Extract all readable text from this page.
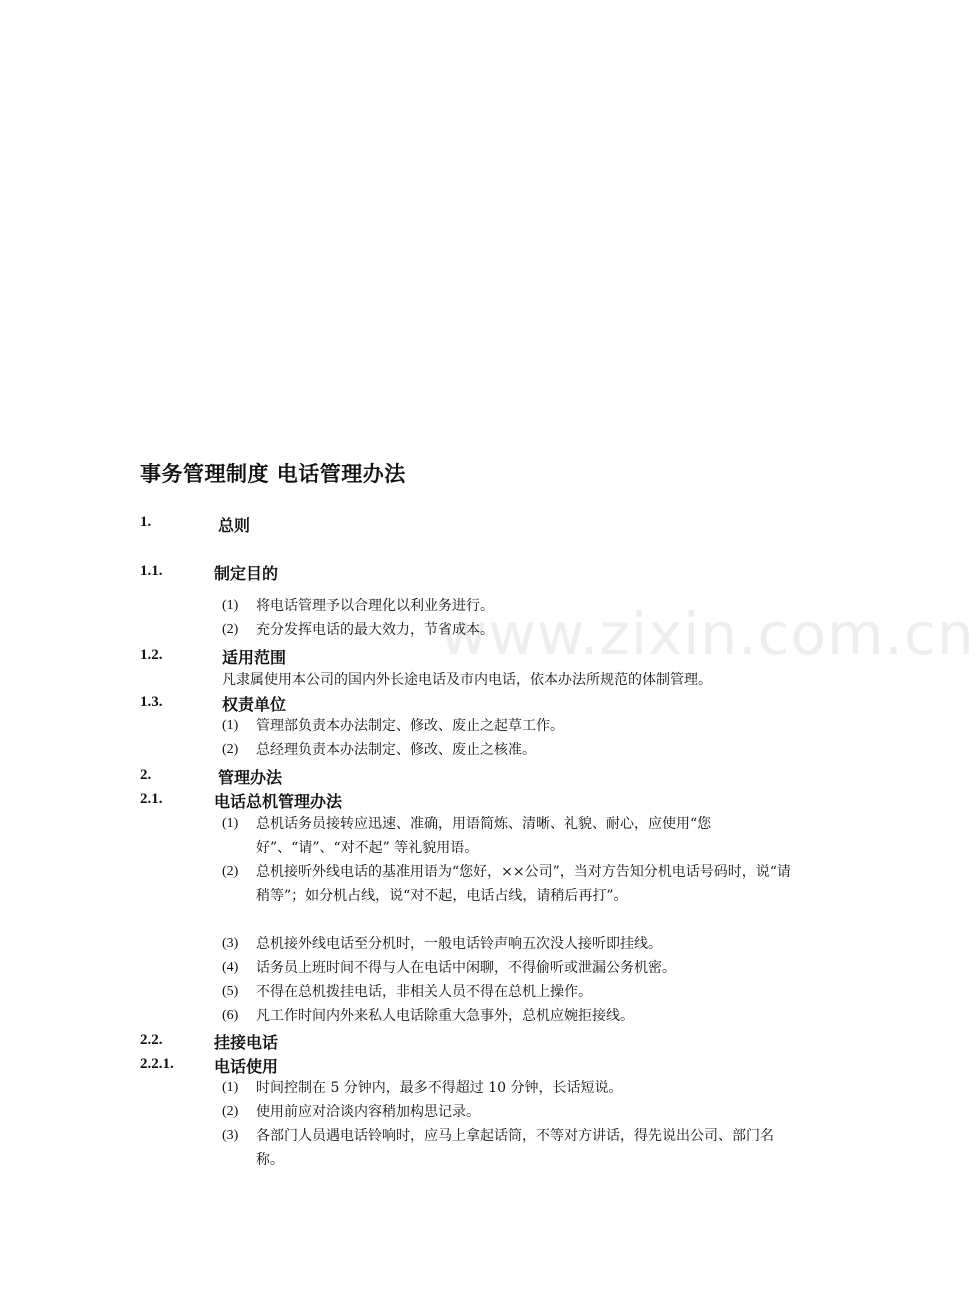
www.zixin.com.cn
事务管理制度 电话管理办法
1.	总则
1.1.	制定目的
(1)	将电话管理予以合理化以利业务进行。
(2)	充分发挥电话的最大效力，节省成本。
1.2.	适用范围
凡隶属使用本公司的国内外长途电话及市内电话，依本办法所规范的体制管理。
1.3.	权责单位
(1)	管理部负责本办法制定、修改、废止之起草工作。
(2)	总经理负责本办法制定、修改、废止之核准。
2.	管理办法
2.1.	电话总机管理办法
(1)	总机话务员接转应迅速、准确，用语简炼、清晰、礼貌、耐心，应使用“您好”、“请”、“对不起” 等礼貌用语。
(2)	总机接听外线电话的基准用语为“您好，××公司”，当对方告知分机电话号码时，说“请稍等”；如分机占线，说“对不起，电话占线，请稍后再打”。
(3)	总机接外线电话至分机时，一般电话铃声响五次没人接听即挂线。
(4)	话务员上班时间不得与人在电话中闲聊，不得偷听或泄漏公务机密。
(5)	不得在总机拨挂电话，非相关人员不得在总机上操作。
(6)	凡工作时间内外来私人电话除重大急事外，总机应婉拒接线。
2.2.	挂接电话
2.2.1.	电话使用
(1)	时间控制在 5 分钟内，最多不得超过 10 分钟，长话短说。
(2)	使用前应对洽谈内容稍加构思记录。
(3)	各部门人员遇电话铃响时，应马上拿起话筒，不等对方讲话，得先说出公司、部门名称。
